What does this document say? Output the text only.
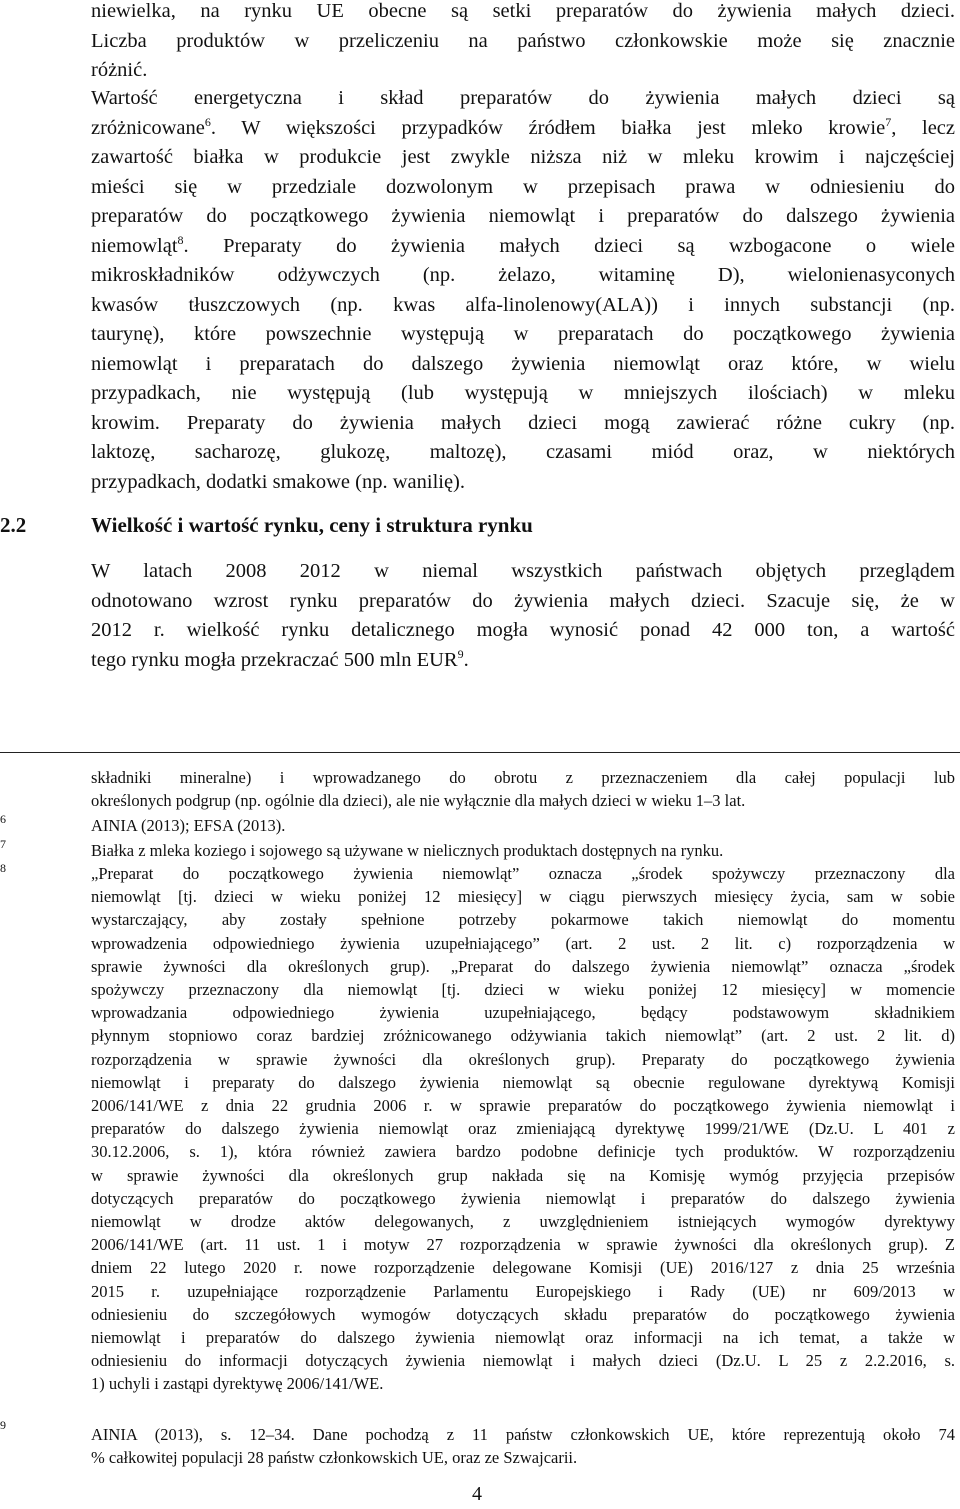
niewielka, na rynku UE obecne są setki preparatów do żywienia małych dzieci.
Liczba produktów w przeliczeniu na państwo członkowskie może się znacznie
różnić.
Wartość energetyczna i skład preparatów do żywienia małych dzieci są
zróżnicowane$^6$. W większości przypadków źródłem białka jest mleko krowie$^7$, lecz
zawartość białka w produkcie jest zwykle niższa niż w mleku krowim i najczęściej
mieści się w przedziale dozwolonym w przepisach prawa w odniesieniu do
preparatów do początkowego żywienia niemowląt i preparatów do dalszego żywienia
niemowląt$^8$. Preparaty do żywienia małych dzieci są wzbogacone o wiele
mikroskładników odżywczych (np. żelazo, witaminę D), wielonienasyconych
kwasów tłuszczowych (np. kwas alfa-linolenowy(ALA)) i innych substancji (np.
taurynę), które powszechnie występują w preparatach do początkowego żywienia
niemowląt i preparatach do dalszego żywienia niemowląt oraz które, w wielu
przypadkach, nie występują (lub występują w mniejszych ilościach) w mleku
krowim. Preparaty do żywienia małych dzieci mogą zawierać różne cukry (np.
laktozę, sacharozę, glukozę, maltozę), czasami miód oraz, w niektórych
przypadkach, dodatki smakowe (np. wanilię).
2.2	Wielkość i wartość rynku, ceny i struktura rynku
W latach 2008 2012 w niemal wszystkich państwach objętych przeglądem
odnotowano wzrost rynku preparatów do żywienia małych dzieci. Szacuje się, że w
2012 r. wielkość rynku detalicznego mogła wynosić ponad 42 000 ton, a wartość
tego rynku mogła przekraczać 500 mln EUR$^9$.
składniki mineralne) i wprowadzanego do obrotu z przeznaczeniem dla całej populacji lub
określonych podgrup (np. ogólnie dla dzieci), ale nie wyłącznie dla małych dzieci w wieku 1–3 lat.
6	AINIA (2013); EFSA (2013).
7	Białka z mleka koziego i sojowego są używane w nielicznych produktach dostępnych na rynku.
8	„Preparat do początkowego żywienia niemowląt” oznacza „środek spożywczy przeznaczony dla
niemowląt [tj. dzieci w wieku poniżej 12 miesięcy] w ciągu pierwszych miesięcy życia, sam w sobie
wystarczający, aby zostały spełnione potrzeby pokarmowe takich niemowląt do momentu
wprowadzenia odpowiedniego żywienia uzupełniającego” (art. 2 ust. 2 lit. c) rozporządzenia w
sprawie żywności dla określonych grup). „Preparat do dalszego żywienia niemowląt” oznacza „środek
spożywczy przeznaczony dla niemowląt [tj. dzieci w wieku poniżej 12 miesięcy] w momencie
wprowadzania odpowiedniego żywienia uzupełniającego, będący podstawowym składnikiem
płynnym stopniowo coraz bardziej zróżnicowanego odżywiania takich niemowląt” (art. 2 ust. 2 lit. d)
rozporządzenia w sprawie żywności dla określonych grup). Preparaty do początkowego żywienia
niemowląt i preparaty do dalszego żywienia niemowląt są obecnie regulowane dyrektywą Komisji
2006/141/WE z dnia 22 grudnia 2006 r. w sprawie preparatów do początkowego żywienia niemowląt i
preparatów do dalszego żywienia niemowląt oraz zmieniającą dyrektywę 1999/21/WE (Dz.U. L 401 z
30.12.2006, s. 1), która również zawiera bardzo podobne definicje tych produktów. W rozporządzeniu
w sprawie żywności dla określonych grup nakłada się na Komisję wymóg przyjęcia przepisów
dotyczących preparatów do początkowego żywienia niemowląt i preparatów do dalszego żywienia
niemowląt w drodze aktów delegowanych, z uwzględnieniem istniejących wymogów dyrektywy
2006/141/WE (art. 11 ust. 1 i motyw 27 rozporządzenia w sprawie żywności dla określonych grup). Z
dniem 22 lutego 2020 r. nowe rozporządzenie delegowane Komisji (UE) 2016/127 z dnia 25 września
2015 r. uzupełniające rozporządzenie Parlamentu Europejskiego i Rady (UE) nr 609/2013 w
odniesieniu do szczegółowych wymogów dotyczących składu preparatów do początkowego żywienia
niemowląt i preparatów do dalszego żywienia niemowląt oraz informacji na ich temat, a także w
odniesieniu do informacji dotyczących żywienia niemowląt i małych dzieci (Dz.U. L 25 z 2.2.2016, s.
1) uchyli i zastąpi dyrektywę 2006/141/WE.
9	AINIA (2013), s. 12–34. Dane pochodzą z 11 państw członkowskich UE, które reprezentują około 74
% całkowitej populacji 28 państw członkowskich UE, oraz ze Szwajcarii.
4
